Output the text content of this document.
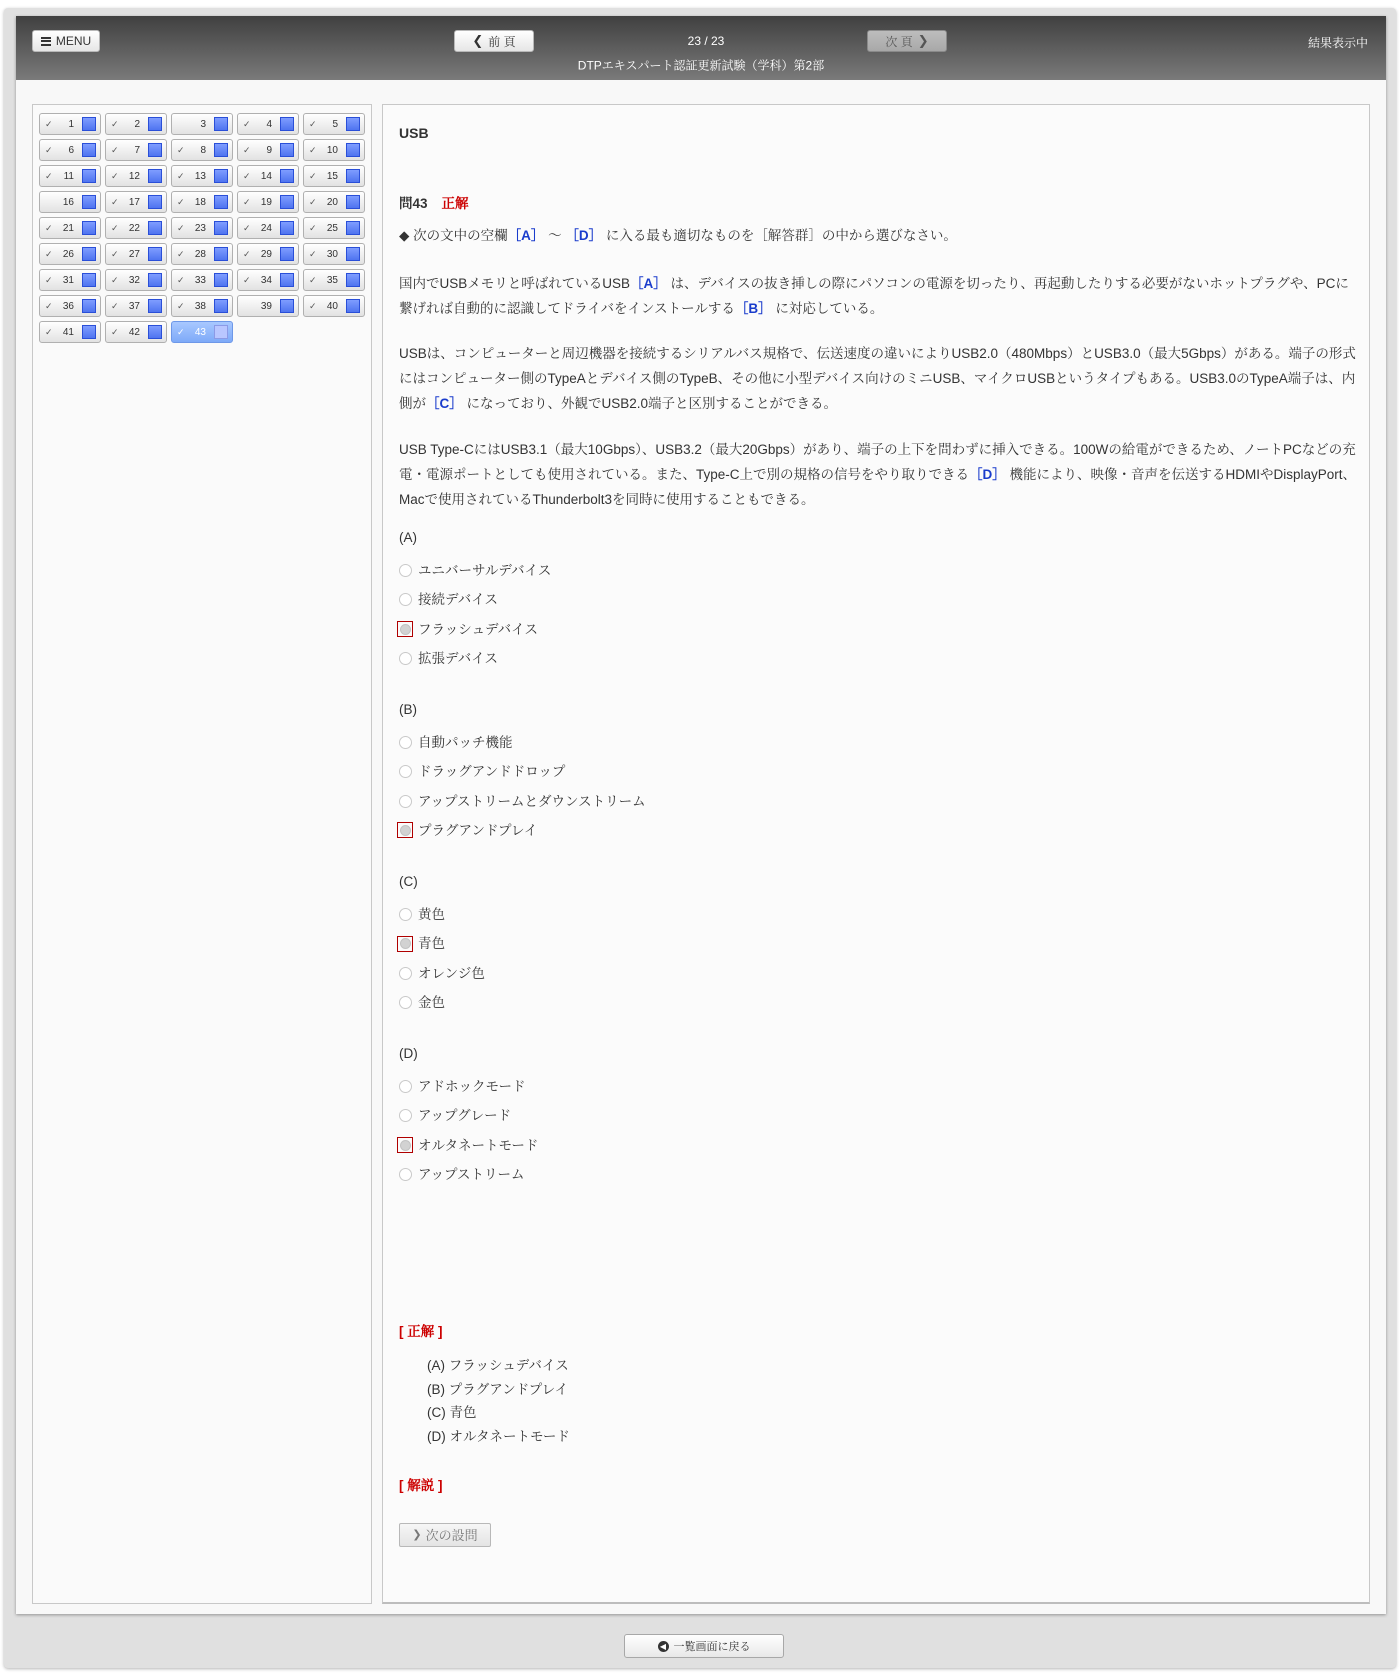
MENU	❮ 前 頁	23 / 23	次 頁 ❯	結果表示中
DTPエキスパート認証更新試験（学科）第2部
✓ 1	✓ 2	3	✓ 4	✓ 5
✓ 6	✓ 7	✓ 8	✓ 9	✓ 10
✓ 11	✓ 12	✓ 13	✓ 14	✓ 15
16	✓ 17	✓ 18	✓ 19	✓ 20
✓ 21	✓ 22	✓ 23	✓ 24	✓ 25
✓ 26	✓ 27	✓ 28	✓ 29	✓ 30
✓ 31	✓ 32	✓ 33	✓ 34	✓ 35
✓ 36	✓ 37	✓ 38	39	✓ 40
✓ 41	✓ 42	✓ 43
USB
問43 正解
◆ 次の文中の空欄［A］ 〜 ［D］ に入る最も適切なものを［解答群］の中から選びなさい。
国内でUSBメモリと呼ばれているUSB［A］ は、デバイスの抜き挿しの際にパソコンの電源を切ったり、再起動したりする必要がないホットプラグや、PCに繋げれば自動的に認識してドライバをインストールする［B］ に対応している。
USBは、コンピューターと周辺機器を接続するシリアルバス規格で、伝送速度の違いによりUSB2.0（480Mbps）とUSB3.0（最大5Gbps）がある。端子の形式にはコンピューター側のTypeAとデバイス側のTypeB、その他に小型デバイス向けのミニUSB、マイクロUSBというタイプもある。USB3.0のTypeA端子は、内側が［C］ になっており、外観でUSB2.0端子と区別することができる。
USB Type-CにはUSB3.1（最大10Gbps）、USB3.2（最大20Gbps）があり、端子の上下を問わずに挿入できる。100Wの給電ができるため、ノートPCなどの充電・電源ポートとしても使用されている。また、Type-C上で別の規格の信号をやり取りできる［D］ 機能により、映像・音声を伝送するHDMIやDisplayPort、Macで使用されているThunderbolt3を同時に使用することもできる。
(A)
ユニバーサルデバイス
接続デバイス
フラッシュデバイス
拡張デバイス
(B)
自動パッチ機能
ドラッグアンドドロップ
アップストリームとダウンストリーム
プラグアンドプレイ
(C)
黄色
青色
オレンジ色
金色
(D)
アドホックモード
アップグレード
オルタネートモード
アップストリーム
[ 正解 ]
(A) フラッシュデバイス
(B) プラグアンドプレイ
(C) 青色
(D) オルタネートモード
[ 解説 ]
❯ 次の設問
◀ 一覧画面に戻る
